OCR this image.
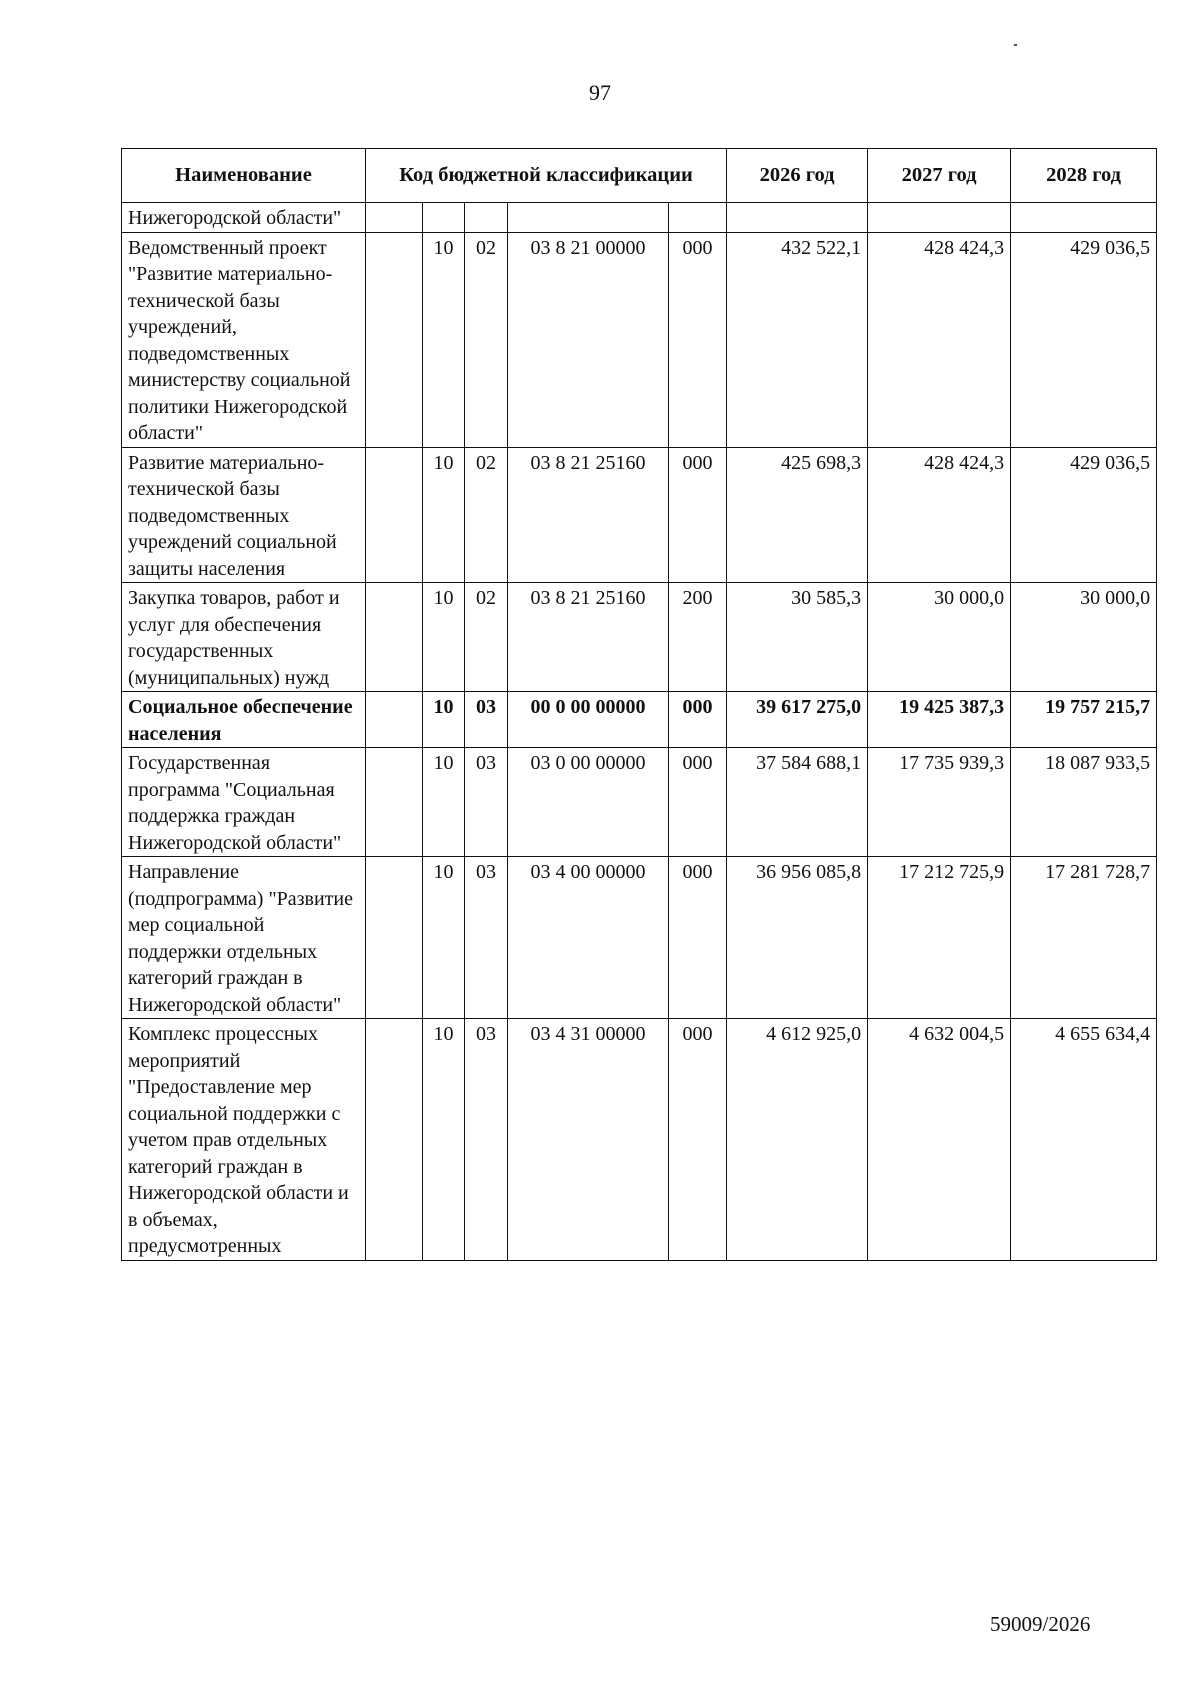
97
Наименование	Код бюджетной классификации					2026 год	2027 год	2028 год
Нижегородской области"								
Ведомственный проект "Развитие материально-технической базы учреждений, подведомственных министерству социальной политики Нижегородской области"		10	02	03 8 21 00000	000	432 522,1	428 424,3	429 036,5
Развитие материально-технической базы подведомственных учреждений социальной защиты населения		10	02	03 8 21 25160	000	425 698,3	428 424,3	429 036,5
Закупка товаров, работ и услуг для обеспечения государственных (муниципальных) нужд		10	02	03 8 21 25160	200	30 585,3	30 000,0	30 000,0
Социальное обеспечение населения		10	03	00 0 00 00000	000	39 617 275,0	19 425 387,3	19 757 215,7
Государственная программа "Социальная поддержка граждан Нижегородской области"		10	03	03 0 00 00000	000	37 584 688,1	17 735 939,3	18 087 933,5
Направление (подпрограмма) "Развитие мер социальной поддержки отдельных категорий граждан в Нижегородской области"		10	03	03 4 00 00000	000	36 956 085,8	17 212 725,9	17 281 728,7
Комплекс процессных мероприятий "Предоставление мер социальной поддержки с учетом прав отдельных категорий граждан в Нижегородской области и в объемах, предусмотренных		10	03	03 4 31 00000	000	4 612 925,0	4 632 004,5	4 655 634,4
59009/2026
